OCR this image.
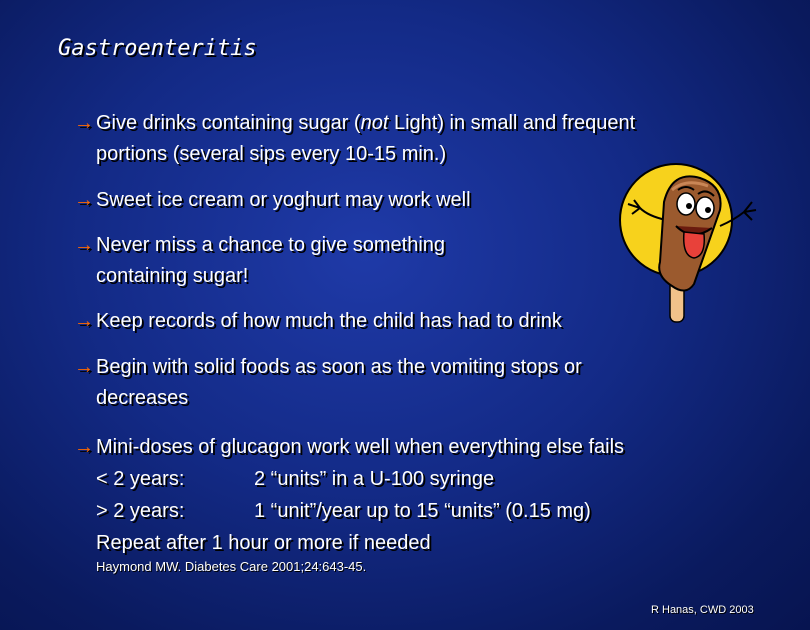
Gastroenteritis
→ Give drinks containing sugar (not Light) in small and frequent
portions (several sips every 10-15 min.)
→ Sweet ice cream or yoghurt may work well
→ Never miss a chance to give something
containing sugar!
→ Keep records of how much the child has had to drink
→ Begin with solid foods as soon as the vomiting stops or
decreases
→ Mini-doses of glucagon work well when everything else fails
< 2 years:	2 “units” in a U-100 syringe
> 2 years:	1 “unit”/year up to 15 “units” (0.15 mg)
Repeat after 1 hour or more if needed
Haymond MW. Diabetes Care 2001;24:643-45.
R Hanas, CWD 2003
